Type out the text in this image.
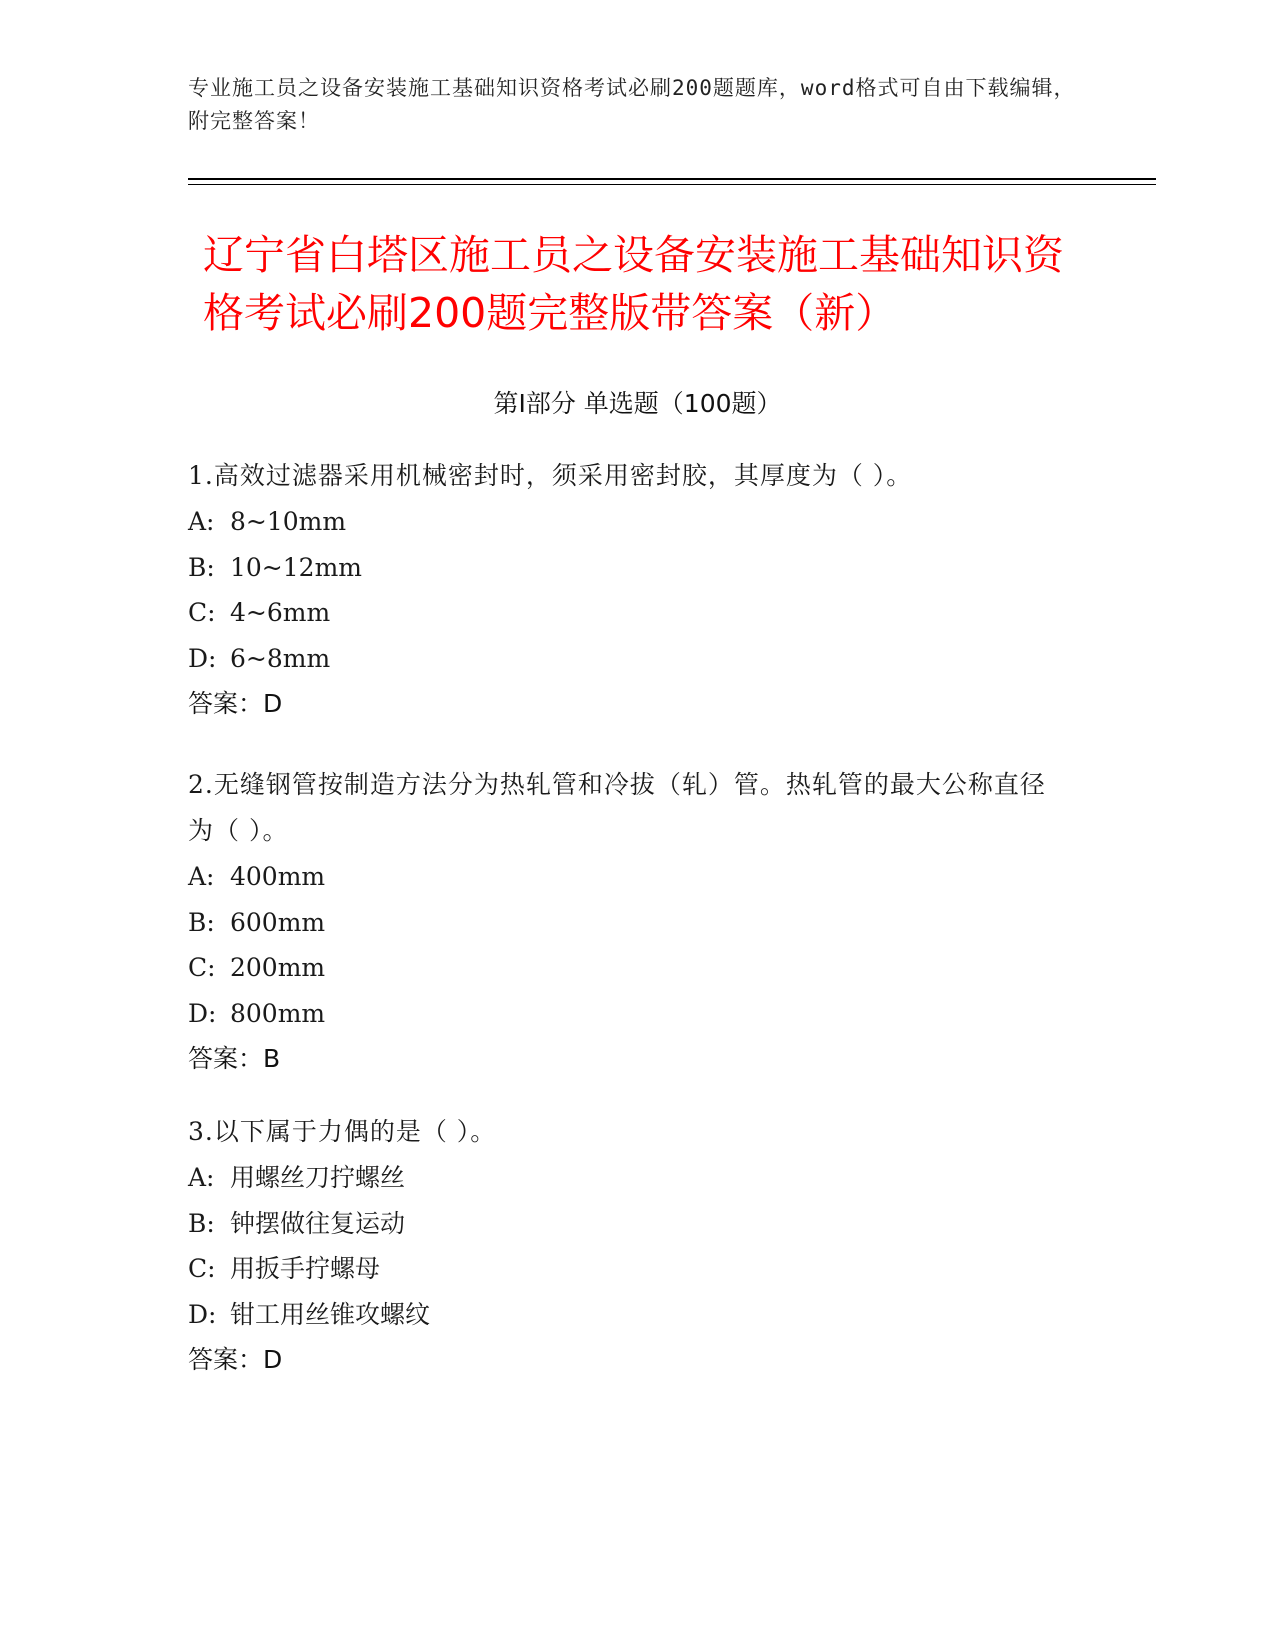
专业施工员之设备安装施工基础知识资格考试必刷200题题库，word格式可自由下载编辑，附完整答案！
辽宁省白塔区施工员之设备安装施工基础知识资格考试必刷200题完整版带答案（新）
第Ⅰ部分 单选题（100题）
1.高效过滤器采用机械密封时，须采用密封胶，其厚度为（ ）。
A: 8~10mm
B: 10~12mm
C: 4~6mm
D: 6~8mm
答案：D
2.无缝钢管按制造方法分为热轧管和冷拔（轧）管。热轧管的最大公称直径为（ ）。
A: 400mm
B: 600mm
C: 200mm
D: 800mm
答案：B
3.以下属于力偶的是（ ）。
A: 用螺丝刀拧螺丝
B: 钟摆做往复运动
C: 用扳手拧螺母
D: 钳工用丝锥攻螺纹
答案：D
